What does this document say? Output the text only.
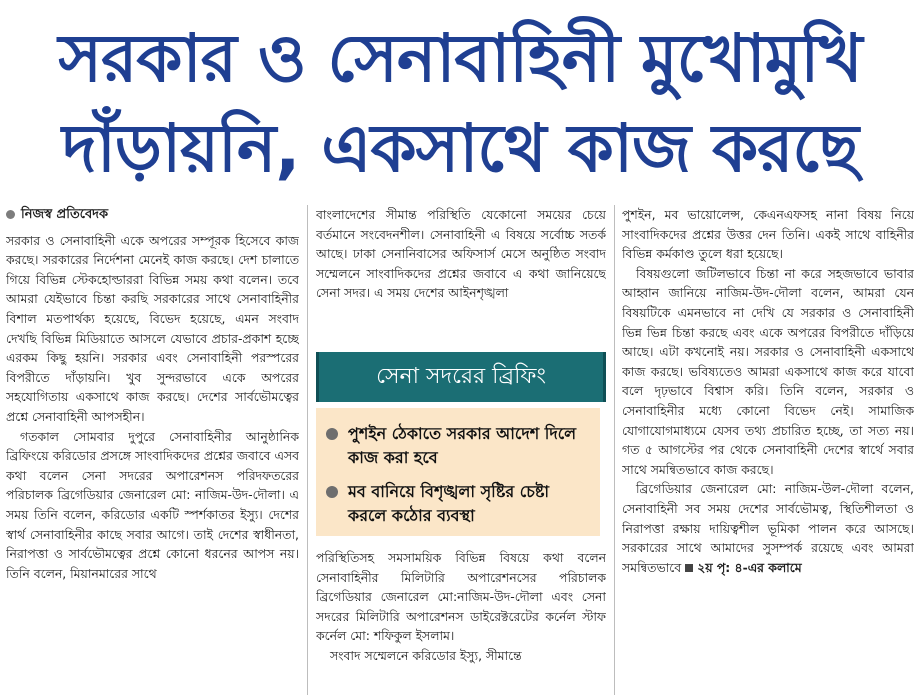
সরকার ও সেনাবাহিনী মুখোমুখি
দাঁড়ায়নি, একসাথে কাজ করছে
নিজস্ব প্রতিবেদক

সরকার ও সেনাবাহিনী একে অপরের সম্পূরক হিসেবে কাজ করছে। সরকারের নির্দেশনা মেনেই কাজ করছে। দেশ চালাতে গিয়ে বিভিন্ন স্টেকহোল্ডাররা বিভিন্ন সময় কথা বলেন। তবে আমরা যেইভাবে চিন্তা করছি সরকারের সাথে সেনাবাহিনীর বিশাল মতপার্থক্য হয়েছে, বিভেদ হয়েছে, এমন সংবাদ দেখছি বিভিন্ন মিডিয়াতে আসলে যেভাবে প্রচার-প্রকাশ হচ্ছে এরকম কিছু হয়নি। সরকার এবং সেনাবাহিনী পরস্পরের বিপরীতে দাঁড়ায়নি। খুব সুন্দরভাবে একে অপরের সহযোগিতায় একসাথে কাজ করছে। দেশের সার্বভৌমত্বের প্রশ্নে সেনাবাহিনী আপসহীন।

গতকাল সোমবার দুপুরে সেনাবাহিনীর আনুষ্ঠানিক ব্রিফিংয়ে করিডোর প্রসঙ্গে সাংবাদিকদের প্রশ্নের জবাবে এসব কথা বলেন সেনা সদরের অপারেশনস পরিদফতরের পরিচালক ব্রিগেডিয়ার জেনারেল মো: নাজিম-উদ-দৌলা। এ সময় তিনি বলেন, করিডোর একটি স্পর্শকাতর ইস্যু। দেশের স্বার্থ সেনাবাহিনীর কাছে সবার আগে। তাই দেশের স্বাধীনতা, নিরাপত্তা ও সার্বভৌমত্বের প্রশ্নে কোনো ধরনের আপস নয়। তিনি বলেন, মিয়ানমারের সাথে

বাংলাদেশের সীমান্ত পরিস্থিতি যেকোনো সময়ের চেয়ে বর্তমানে সংবেদনশীল। সেনাবাহিনী এ বিষয়ে সর্বোচ্চ সতর্ক আছে। ঢাকা সেনানিবাসের অফিসার্স মেসে অনুষ্ঠিত সংবাদ সম্মেলনে সাংবাদিকদের প্রশ্নের জবাবে এ কথা জানিয়েছে সেনা সদর। এ সময় দেশের আইনশৃঙ্খলা

সেনা সদরের ব্রিফিং
পুশইন ঠেকাতে সরকার আদেশ দিলে কাজ করা হবে
মব বানিয়ে বিশৃঙ্খলা সৃষ্টির চেষ্টা করলে কঠোর ব্যবস্থা

পরিস্থিতিসহ সমসাময়িক বিভিন্ন বিষয়ে কথা বলেন সেনাবাহিনীর মিলিটারি অপারেশনসের পরিচালক ব্রিগেডিয়ার জেনারেল মো:নাজিম-উদ-দৌলা এবং সেনা সদরের মিলিটারি অপারেশনস ডাইরেক্টরেটের কর্নেল স্টাফ কর্নেল মো: শফিকুল ইসলাম।

সংবাদ সম্মেলনে করিডোর ইস্যু, সীমান্তে

পুশইন, মব ভায়োলেন্স, কেএনএফসহ নানা বিষয় নিয়ে সাংবাদিকদের প্রশ্নের উত্তর দেন তিনি। একই সাথে বাহিনীর বিভিন্ন কর্মকাণ্ড তুলে ধরা হয়েছে।

বিষয়গুলো জটিলভাবে চিন্তা না করে সহজভাবে ভাবার আহ্বান জানিয়ে নাজিম-উদ-দৌলা বলেন, আমরা যেন বিষয়টিকে এমনভাবে না দেখি যে সরকার ও সেনাবাহিনী ভিন্ন ভিন্ন চিন্তা করছে এবং একে অপরের বিপরীতে দাঁড়িয়ে আছে। এটা কখনোই নয়। সরকার ও সেনাবাহিনী একসাথে কাজ করছে। ভবিষ্যতেও আমরা একসাথে কাজ করে যাবো বলে দৃঢ়ভাবে বিশ্বাস করি। তিনি বলেন, সরকার ও সেনাবাহিনীর মধ্যে কোনো বিভেদ নেই। সামাজিক যোগাযোগমাধ্যমে যেসব তথ্য প্রচারিত হচ্ছে, তা সত্য নয়। গত ৫ আগস্টের পর থেকে সেনাবাহিনী দেশের স্বার্থে সবার সাথে সমন্বিতভাবে কাজ করছে।

ব্রিগেডিয়ার জেনারেল মো: নাজিম-উল-দৌলা বলেন, সেনাবাহিনী সব সময় দেশের সার্বভৌমত্ব, স্থিতিশীলতা ও নিরাপত্তা রক্ষায় দায়িত্বশীল ভূমিকা পালন করে আসছে। সরকারের সাথে আমাদের সুসম্পর্ক রয়েছে এবং আমরা সমন্বিতভাবে ২য় পৃ: ৪-এর কলামে
